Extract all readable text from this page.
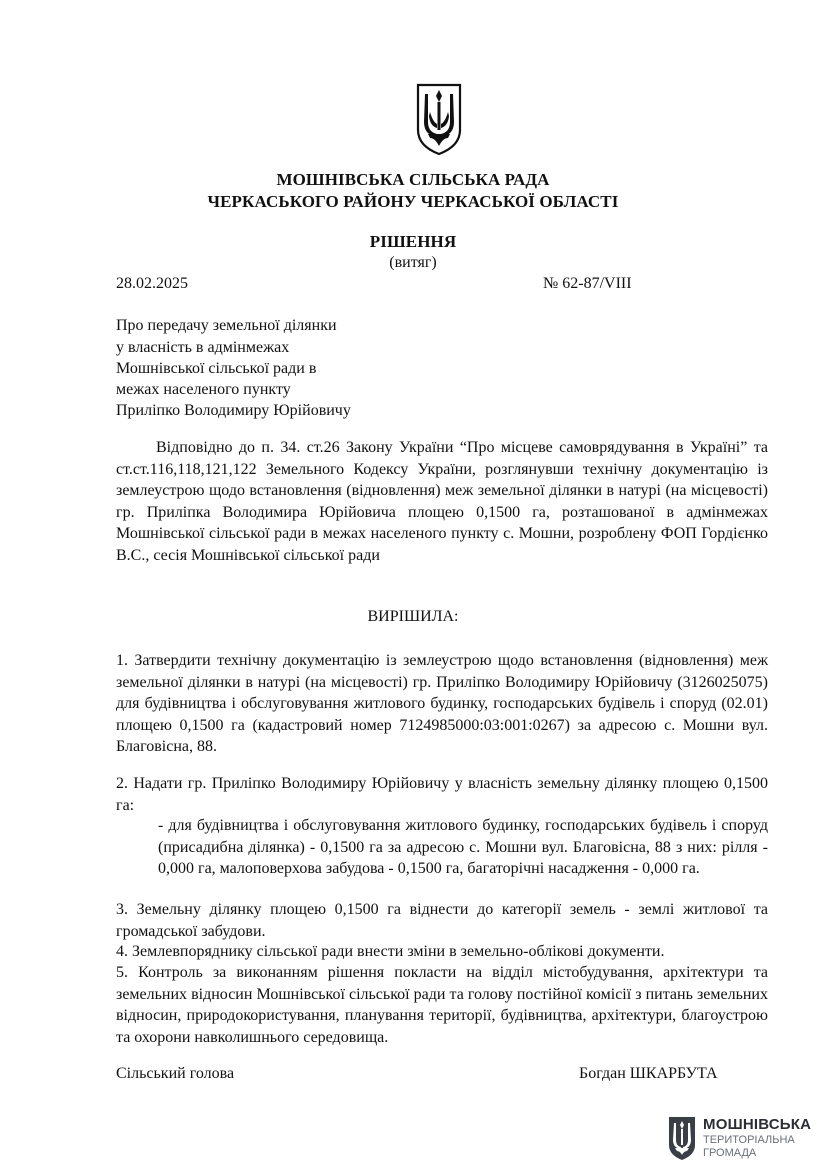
МОШНІВСЬКА СІЛЬСЬКА РАДА
ЧЕРКАСЬКОГО РАЙОНУ ЧЕРКАСЬКОЇ ОБЛАСТІ
РІШЕННЯ
(витяг)
28.02.2025	№ 62-87/VIII
Про передачу земельної ділянки
у власність в адмінмежах
Мошнівської сільської ради в
межах населеного пункту
Приліпко Володимиру Юрійовичу
Відповідно до п. 34. ст.26 Закону України “Про місцеве самоврядування в Україні” та ст.ст.116,118,121,122 Земельного Кодексу України, розглянувши технічну документацію із землеустрою щодо встановлення (відновлення) меж земельної ділянки в натурі (на місцевості) гр. Приліпка Володимира Юрійовича площею 0,1500 га, розташованої в адмінмежах Мошнівської сільської ради в межах населеного пункту с. Мошни, розроблену ФОП Гордієнко В.С., сесія Мошнівської сільської ради
ВИРІШИЛА:
1. Затвердити технічну документацію із землеустрою щодо встановлення (відновлення) меж земельної ділянки в натурі (на місцевості) гр. Приліпко Володимиру Юрійовичу (3126025075) для будівництва і обслуговування житлового будинку, господарських будівель і споруд (02.01) площею 0,1500 га (кадастровий номер 7124985000:03:001:0267) за адресою с. Мошни вул. Благовісна, 88.
2. Надати гр. Приліпко Володимиру Юрійовичу у власність земельну ділянку площею 0,1500 га:
- для будівництва і обслуговування житлового будинку, господарських будівель і споруд (присадибна ділянка) - 0,1500 га за адресою с. Мошни вул. Благовісна, 88 з них: рілля - 0,000 га, малоповерхова забудова - 0,1500 га, багаторічні насадження - 0,000 га.
3. Земельну ділянку площею 0,1500 га віднести до категорії земель - землі житлової та громадської забудови.
4. Землевпоряднику сільської ради внести зміни в земельно-облікові документи.
5. Контроль за виконанням рішення покласти на відділ містобудування, архітектури та земельних відносин Мошнівської сільської ради та голову постійної комісії з питань земельних відносин, природокористування, планування території, будівництва, архітектури, благоустрою та охорони навколишнього середовища.
Сільський голова	Богдан ШКАРБУТА
МОШНІВСЬКА
ТЕРИТОРІАЛЬНА
ГРОМАДА
